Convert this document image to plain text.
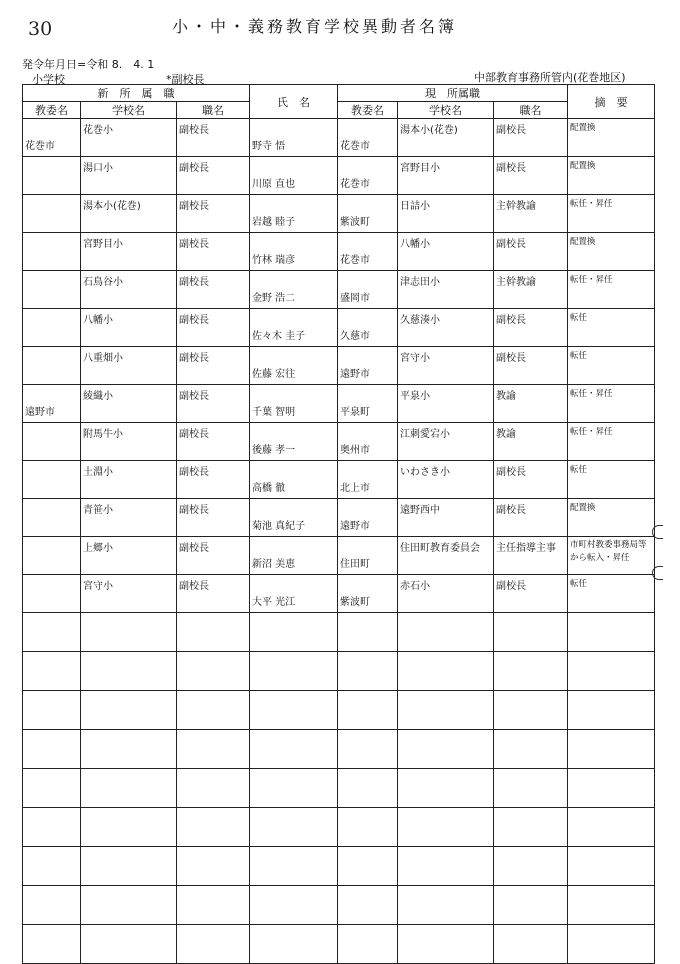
30	小・中・義務教育学校異動者名簿
発令年月日=令和 8.　4. 1
小学校	*副校長	中部教育事務所管内(花巻地区)
新　所　属　職			氏　名	現　所属職			摘　要
教委名	学校名	職名		教委名	学校名	職名	

花巻市	花巻小	副校長	野寺 悟	花巻市	湯本小(花巻)	副校長	配置換

	湯口小	副校長	川原 直也	花巻市	宮野目小	副校長	配置換

	湯本小(花巻)	副校長	岩越 睦子	紫波町	日詰小	主幹教諭	転任・昇任

	宮野目小	副校長	竹林 瑞彦	花巻市	八幡小	副校長	配置換

	石鳥谷小	副校長	金野 浩二	盛岡市	津志田小	主幹教諭	転任・昇任

	八幡小	副校長	佐々木 圭子	久慈市	久慈湊小	副校長	転任

	八重畑小	副校長	佐藤 宏往	遠野市	宮守小	副校長	転任

遠野市	綾織小	副校長	千葉 智明	平泉町	平泉小	教諭	転任・昇任

	附馬牛小	副校長	後藤 孝一	奥州市	江刺愛宕小	教諭	転任・昇任

	土淵小	副校長	高橋 徹	北上市	いわさき小	副校長	転任

	青笹小	副校長	菊池 真紀子	遠野市	遠野西中	副校長	配置換

	上郷小	副校長	新沼 美恵	住田町	住田町教育委員会	主任指導主事	市町村教委事務局等から転入・昇任

	宮守小	副校長	大平 光江	紫波町	赤石小	副校長	転任
